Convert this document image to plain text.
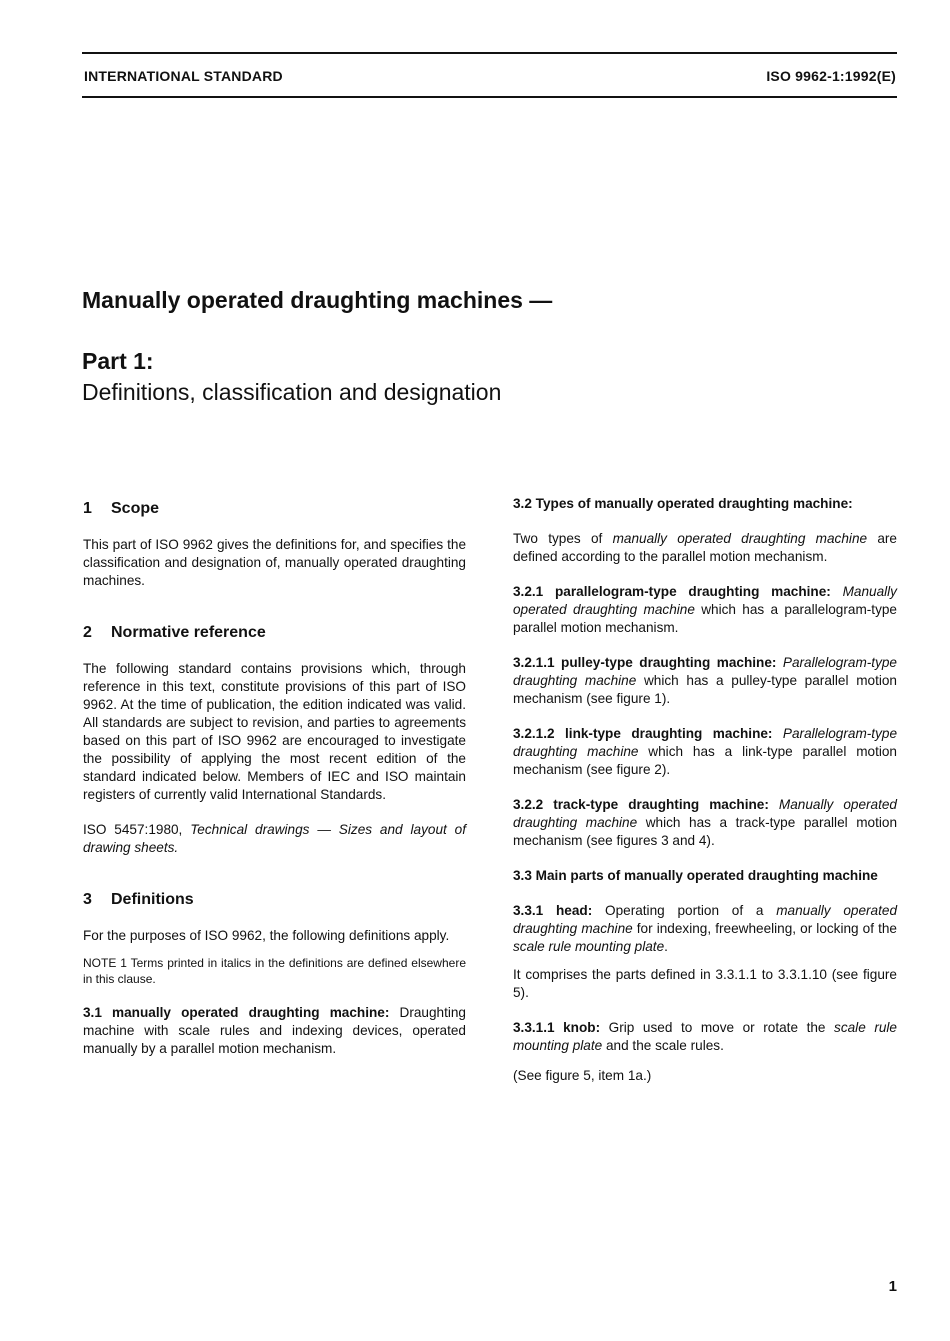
INTERNATIONAL STANDARD	ISO 9962-1:1992(E)
Manually operated draughting machines —
Part 1:
Definitions, classification and designation
1 Scope

This part of ISO 9962 gives the definitions for, and specifies the classification and designation of, manually operated draughting machines.

2 Normative reference

The following standard contains provisions which, through reference in this text, constitute provisions of this part of ISO 9962. At the time of publication, the edition indicated was valid. All standards are subject to revision, and parties to agreements based on this part of ISO 9962 are encouraged to investigate the possibility of applying the most recent edition of the standard indicated below. Members of IEC and ISO maintain registers of currently valid International Standards.

ISO 5457:1980, Technical drawings — Sizes and layout of drawing sheets.

3 Definitions

For the purposes of ISO 9962, the following definitions apply.

NOTE 1 Terms printed in italics in the definitions are defined elsewhere in this clause.

3.1 manually operated draughting machine: Draughting machine with scale rules and indexing devices, operated manually by a parallel motion mechanism.

3.2 Types of manually operated draughting machine:

Two types of manually operated draughting machine are defined according to the parallel motion mechanism.

3.2.1 parallelogram-type draughting machine: Manually operated draughting machine which has a parallelogram-type parallel motion mechanism.

3.2.1.1 pulley-type draughting machine: Parallelogram-type draughting machine which has a pulley-type parallel motion mechanism (see figure 1).

3.2.1.2 link-type draughting machine: Parallelogram-type draughting machine which has a link-type parallel motion mechanism (see figure 2).

3.2.2 track-type draughting machine: Manually operated draughting machine which has a track-type parallel motion mechanism (see figures 3 and 4).

3.3 Main parts of manually operated draughting machine

3.3.1 head: Operating portion of a manually operated draughting machine for indexing, freewheeling, or locking of the scale rule mounting plate.

It comprises the parts defined in 3.3.1.1 to 3.3.1.10 (see figure 5).

3.3.1.1 knob: Grip used to move or rotate the scale rule mounting plate and the scale rules.

(See figure 5, item 1a.)

1
